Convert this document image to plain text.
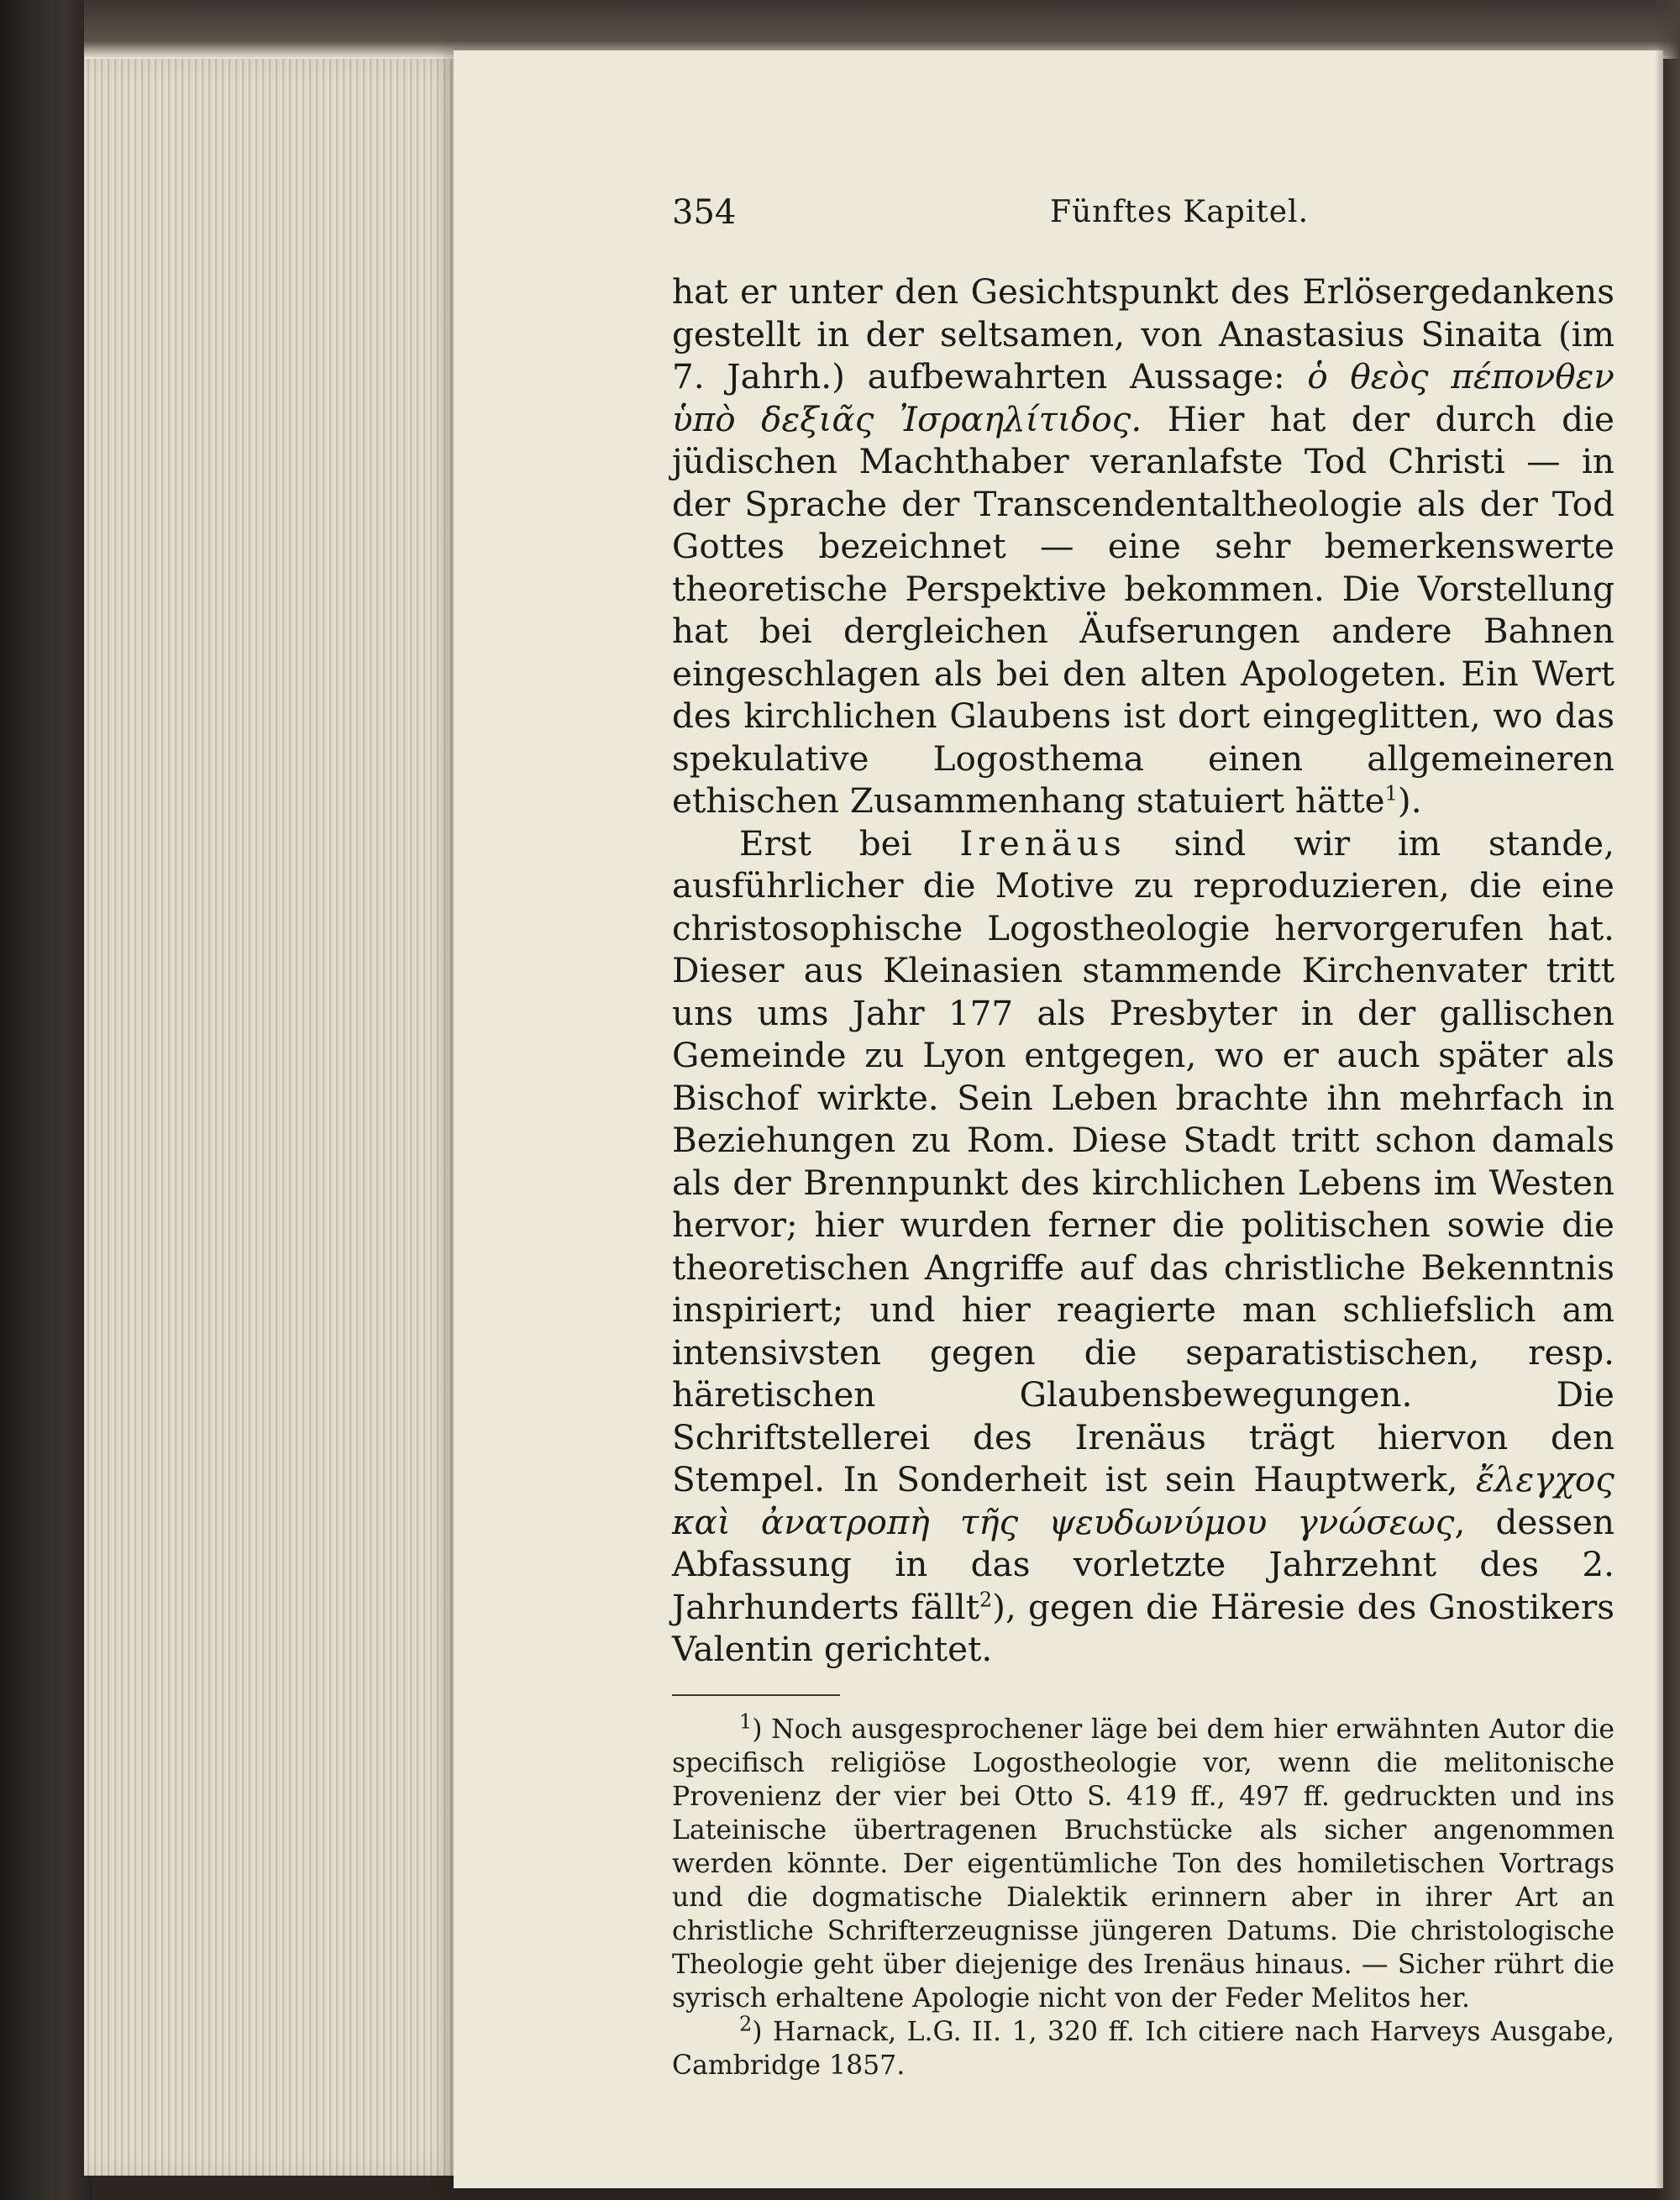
354	Fünftes Kapitel.

hat er unter den Gesichtspunkt des Erlösergedankens gestellt in der seltsamen, von Anastasius Sinaita (im 7. Jahrh.) aufbewahrten Aussage: ὁ θεὸς πέπονθεν ὑπὸ δεξιᾶς Ἰσραηλίτιδος. Hier hat der durch die jüdischen Machthaber veranlafste Tod Christi — in der Sprache der Transcendentaltheologie als der Tod Gottes bezeichnet — eine sehr bemerkenswerte theoretische Perspektive bekommen. Die Vorstellung hat bei dergleichen Äufserungen andere Bahnen eingeschlagen als bei den alten Apologeten. Ein Wert des kirchlichen Glaubens ist dort eingeglitten, wo das spekulative Logosthema einen allgemeineren ethischen Zusammenhang statuiert hätte$^1$).

Erst bei Irenäus sind wir im stande, ausführlicher die Motive zu reproduzieren, die eine christosophische Logostheologie hervorgerufen hat. Dieser aus Kleinasien stammende Kirchenvater tritt uns ums Jahr 177 als Presbyter in der gallischen Gemeinde zu Lyon entgegen, wo er auch später als Bischof wirkte. Sein Leben brachte ihn mehrfach in Beziehungen zu Rom. Diese Stadt tritt schon damals als der Brennpunkt des kirchlichen Lebens im Westen hervor; hier wurden ferner die politischen sowie die theoretischen Angriffe auf das christliche Bekenntnis inspiriert; und hier reagierte man schliefslich am intensivsten gegen die separatistischen, resp. häretischen Glaubensbewegungen. Die Schriftstellerei des Irenäus trägt hiervon den Stempel. In Sonderheit ist sein Hauptwerk, ἔλεγχος καὶ ἀνατροπὴ τῆς ψευδωνύμου γνώσεως, dessen Abfassung in das vorletzte Jahrzehnt des 2. Jahrhunderts fällt$^2$), gegen die Häresie des Gnostikers Valentin gerichtet.

$^1$) Noch ausgesprochener läge bei dem hier erwähnten Autor die specifisch religiöse Logostheologie vor, wenn die melitonische Provenienz der vier bei Otto S. 419 ff., 497 ff. gedruckten und ins Lateinische übertragenen Bruchstücke als sicher angenommen werden könnte. Der eigentümliche Ton des homiletischen Vortrags und die dogmatische Dialektik erinnern aber in ihrer Art an christliche Schrifterzeugnisse jüngeren Datums. Die christologische Theologie geht über diejenige des Irenäus hinaus. — Sicher rührt die syrisch erhaltene Apologie nicht von der Feder Melitos her.

$^2$) Harnack, L.G. II. 1, 320 ff. Ich citiere nach Harveys Ausgabe, Cambridge 1857.
